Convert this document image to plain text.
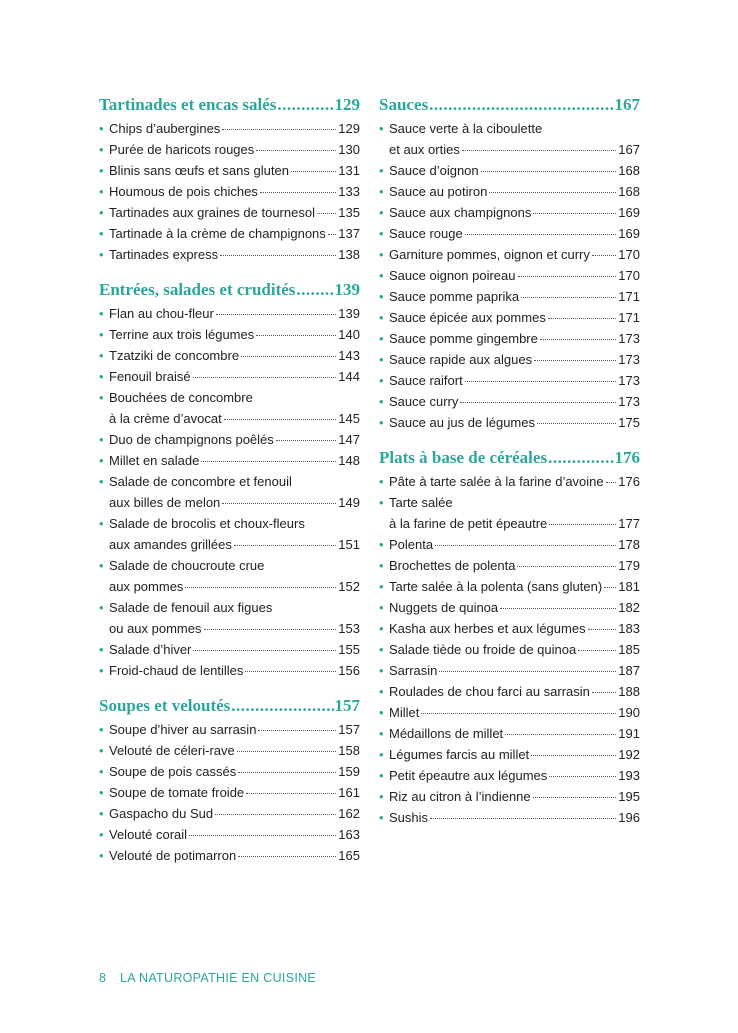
Tartinades et encas salés .....	129
• Chips d’aubergines	129
• Purée de haricots rouges	130
• Blinis sans œufs et sans gluten	131
• Houmous de pois chiches	133
• Tartinades aux graines de tournesol 135
• Tartinade à la crème de champignons 137
• Tartinades express	138
Entrées, salades et crudités ..... 139
• Flan au chou-fleur	139
• Terrine aux trois légumes	140
• Tzatziki de concombre	143
• Fenouil braisé	144
• Bouchées de concombre
à la crème d’avocat	145
• Duo de champignons poêlés	147
• Millet en salade	148
• Salade de concombre et fenouil
aux billes de melon	149
• Salade de brocolis et choux-fleurs
aux amandes grillées	151
• Salade de choucroute crue
aux pommes	152
• Salade de fenouil aux figues
ou aux pommes	153
• Salade d’hiver	155
• Froid-chaud de lentilles	156
Soupes et veloutés .....	157
• Soupe d’hiver au sarrasin	157
• Velouté de céleri-rave	158
• Soupe de pois cassés	159
• Soupe de tomate froide	161
• Gaspacho du Sud	162
• Velouté corail	163
• Velouté de potimarron	165
Sauces .....	167
• Sauce verte à la ciboulette
et aux orties	167
• Sauce d’oignon	168
• Sauce au potiron	168
• Sauce aux champignons	169
• Sauce rouge	169
• Garniture pommes, oignon et curry 170
• Sauce oignon poireau	170
• Sauce pomme paprika	171
• Sauce épicée aux pommes	171
• Sauce pomme gingembre	173
• Sauce rapide aux algues	173
• Sauce raifort	173
• Sauce curry	173
• Sauce au jus de légumes	175
Plats à base de céréales .....	176
• Pâte à tarte salée à la farine d’avoine 176
• Tarte salée
à la farine de petit épeautre	177
• Polenta	178
• Brochettes de polenta	179
• Tarte salée à la polenta (sans gluten) 181
• Nuggets de quinoa	182
• Kasha aux herbes et aux légumes	183
• Salade tiède ou froide de quinoa	185
• Sarrasin	187
• Roulades de chou farci au sarrasin 188
• Millet	190
• Médaillons de millet	191
• Légumes farcis au millet	192
• Petit épeautre aux légumes	193
• Riz au citron à l’indienne	195
• Sushis	196
8 LA NATUROPATHIE EN CUISINE
